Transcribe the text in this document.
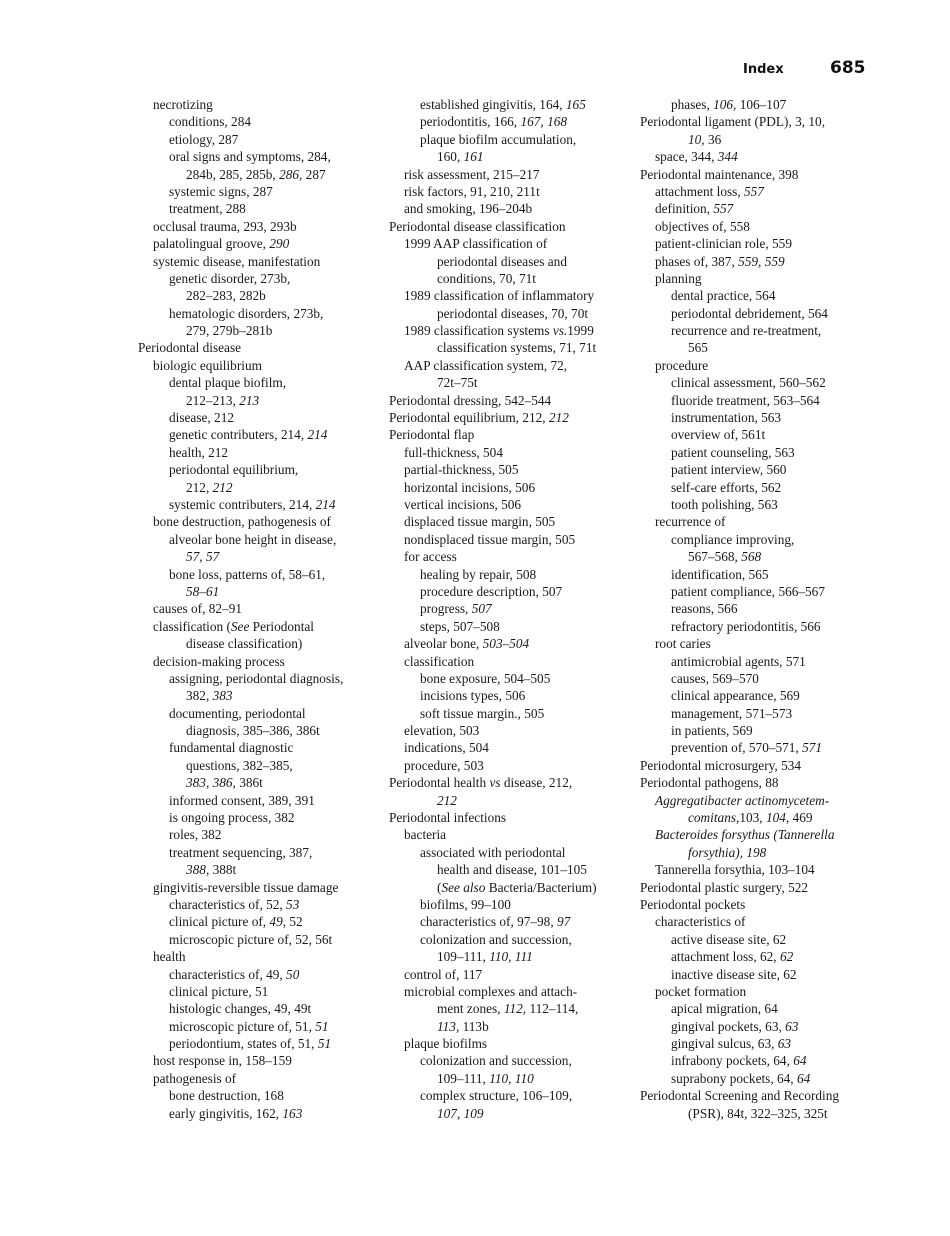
Index	685
necrotizing
conditions, 284
etiology, 287
oral signs and symptoms, 284,
284b, 285, 285b, 286, 287
systemic signs, 287
treatment, 288
occlusal trauma, 293, 293b
palatolingual groove, 290
systemic disease, manifestation
genetic disorder, 273b,
282–283, 282b
hematologic disorders, 273b,
279, 279b–281b
Periodontal disease
biologic equilibrium
dental plaque biofilm,
212–213, 213
disease, 212
genetic contributers, 214, 214
health, 212
periodontal equilibrium,
212, 212
systemic contributers, 214, 214
bone destruction, pathogenesis of
alveolar bone height in disease,
57, 57
bone loss, patterns of, 58–61,
58–61
causes of, 82–91
classification (See Periodontal
disease classification)
decision-making process
assigning, periodontal diagnosis,
382, 383
documenting, periodontal
diagnosis, 385–386, 386t
fundamental diagnostic
questions, 382–385,
383, 386, 386t
informed consent, 389, 391
is ongoing process, 382
roles, 382
treatment sequencing, 387,
388, 388t
gingivitis-reversible tissue damage
characteristics of, 52, 53
clinical picture of, 49, 52
microscopic picture of, 52, 56t
health
characteristics of, 49, 50
clinical picture, 51
histologic changes, 49, 49t
microscopic picture of, 51, 51
periodontium, states of, 51, 51
host response in, 158–159
pathogenesis of
bone destruction, 168
early gingivitis, 162, 163
established gingivitis, 164, 165
periodontitis, 166, 167, 168
plaque biofilm accumulation,
160, 161
risk assessment, 215–217
risk factors, 91, 210, 211t
and smoking, 196–204b
Periodontal disease classification
1999 AAP classification of
periodontal diseases and
conditions, 70, 71t
1989 classification of inflammatory
periodontal diseases, 70, 70t
1989 classification systems vs.1999
classification systems, 71, 71t
AAP classification system, 72,
72t–75t
Periodontal dressing, 542–544
Periodontal equilibrium, 212, 212
Periodontal flap
full-thickness, 504
partial-thickness, 505
horizontal incisions, 506
vertical incisions, 506
displaced tissue margin, 505
nondisplaced tissue margin, 505
for access
healing by repair, 508
procedure description, 507
progress, 507
steps, 507–508
alveolar bone, 503–504
classification
bone exposure, 504–505
incisions types, 506
soft tissue margin., 505
elevation, 503
indications, 504
procedure, 503
Periodontal health vs disease, 212,
212
Periodontal infections
bacteria
associated with periodontal
health and disease, 101–105
(See also Bacteria/Bacterium)
biofilms, 99–100
characteristics of, 97–98, 97
colonization and succession,
109–111, 110, 111
control of, 117
microbial complexes and attach-
ment zones, 112, 112–114,
113, 113b
plaque biofilms
colonization and succession,
109–111, 110, 110
complex structure, 106–109,
107, 109
phases, 106, 106–107
Periodontal ligament (PDL), 3, 10,
10, 36
space, 344, 344
Periodontal maintenance, 398
attachment loss, 557
definition, 557
objectives of, 558
patient-clinician role, 559
phases of, 387, 559, 559
planning
dental practice, 564
periodontal debridement, 564
recurrence and re-treatment,
565
procedure
clinical assessment, 560–562
fluoride treatment, 563–564
instrumentation, 563
overview of, 561t
patient counseling, 563
patient interview, 560
self-care efforts, 562
tooth polishing, 563
recurrence of
compliance improving,
567–568, 568
identification, 565
patient compliance, 566–567
reasons, 566
refractory periodontitis, 566
root caries
antimicrobial agents, 571
causes, 569–570
clinical appearance, 569
management, 571–573
in patients, 569
prevention of, 570–571, 571
Periodontal microsurgery, 534
Periodontal pathogens, 88
Aggregatibacter actinomycetem-
comitans,103, 104, 469
Bacteroides forsythus (Tannerella
forsythia), 198
Tannerella forsythia, 103–104
Periodontal plastic surgery, 522
Periodontal pockets
characteristics of
active disease site, 62
attachment loss, 62, 62
inactive disease site, 62
pocket formation
apical migration, 64
gingival pockets, 63, 63
gingival sulcus, 63, 63
infrabony pockets, 64, 64
suprabony pockets, 64, 64
Periodontal Screening and Recording
(PSR), 84t, 322–325, 325t
